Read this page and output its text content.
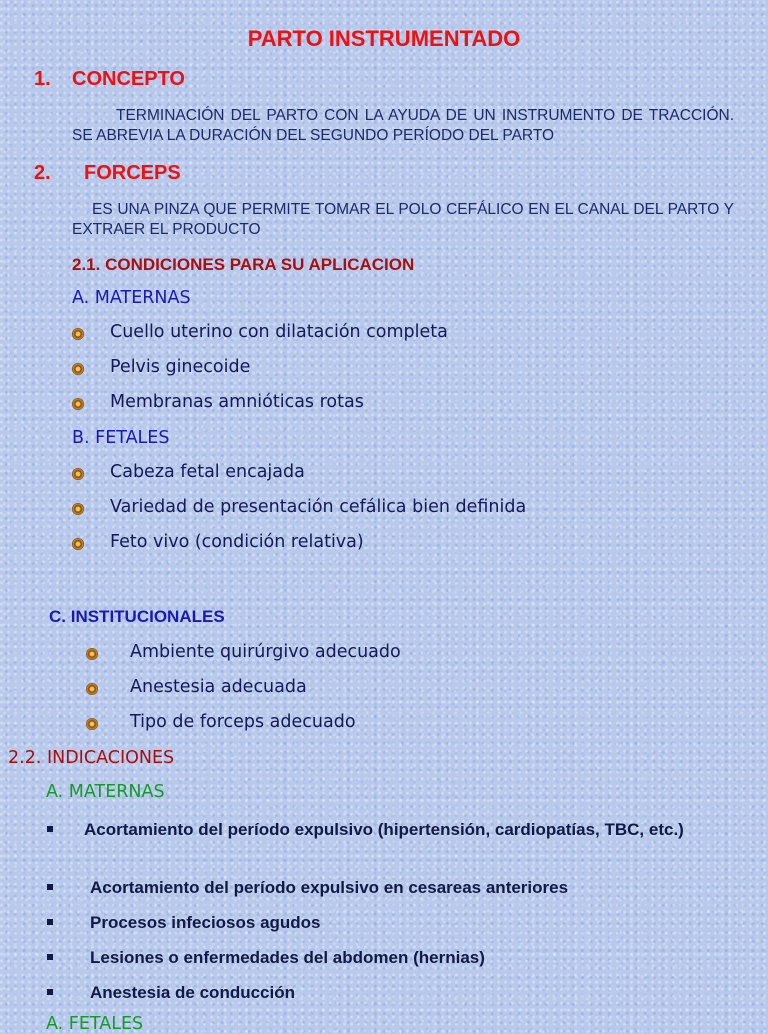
PARTO INSTRUMENTADO
1. CONCEPTO

TERMINACIÓN DEL PARTO CON LA AYUDA DE UN INSTRUMENTO DE TRACCIÓN. SE ABREVIA LA DURACIÓN DEL SEGUNDO PERÍODO DEL PARTO

2. FORCEPS

ES UNA PINZA QUE PERMITE TOMAR EL POLO CEFÁLICO EN EL CANAL DEL PARTO Y EXTRAER EL PRODUCTO

2.1. CONDICIONES PARA SU APLICACION
A. MATERNAS
Cuello uterino con dilatación completa
Pelvis ginecoide
Membranas amnióticas rotas
B. FETALES
Cabeza fetal encajada
Variedad de presentación cefálica bien definida
Feto vivo (condición relativa)
C. INSTITUCIONALES
Ambiente quirúrgivo adecuado
Anestesia adecuada
Tipo de forceps adecuado
2.2. INDICACIONES
A. MATERNAS
Acortamiento del período expulsivo (hipertensión, cardiopatías, TBC, etc.)
Acortamiento del período expulsivo en cesareas anteriores
Procesos infeciosos agudos
Lesiones o enfermedades del abdomen (hernias)
Anestesia de conducción
A. FETALES
